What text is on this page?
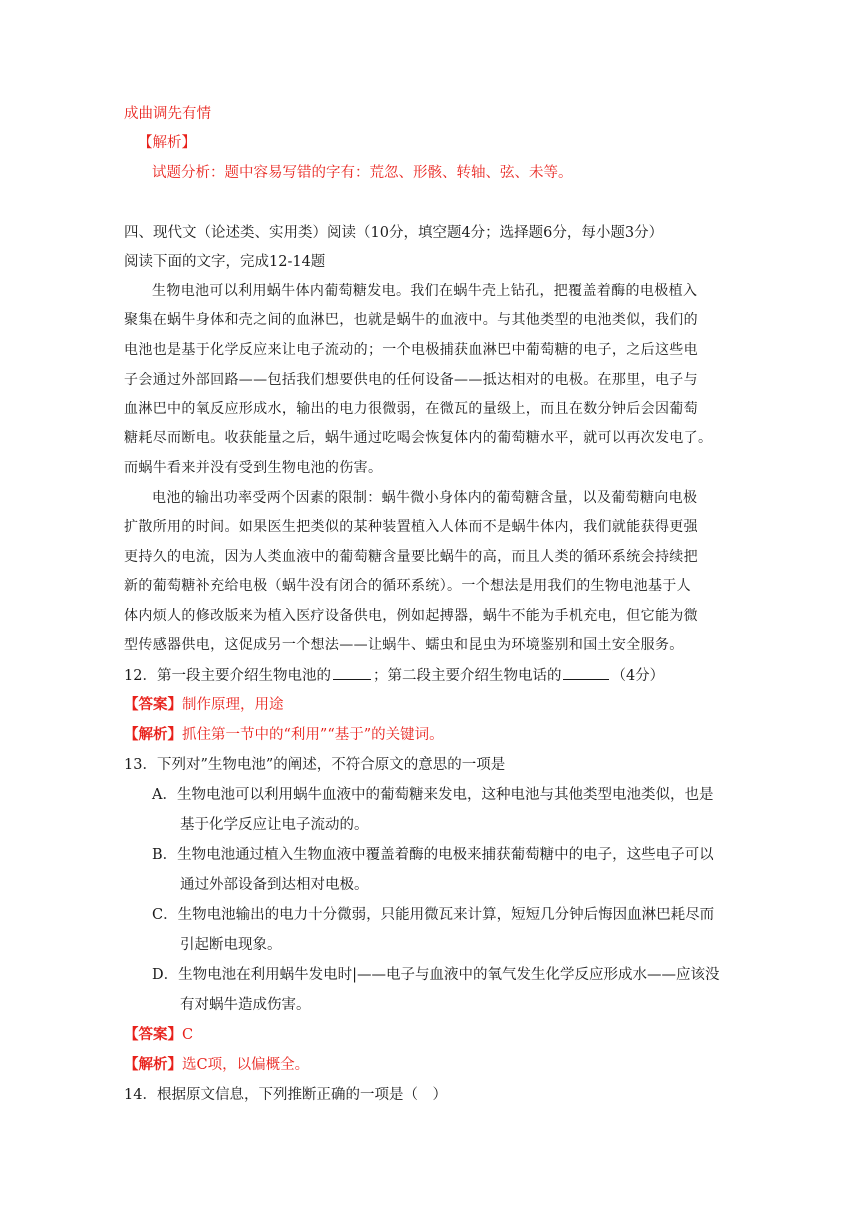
成曲调先有情
【解析】
试题分析：题中容易写错的字有：荒忽、形骸、转轴、弦、未等。
四、现代文（论述类、实用类）阅读（10分，填空题4分；选择题6分，每小题3分）
阅读下面的文字，完成12-14题
生物电池可以利用蜗牛体内葡萄糖发电。我们在蜗牛壳上钻孔，把覆盖着酶的电极植入
聚集在蜗牛身体和壳之间的血淋巴，也就是蜗牛的血液中。与其他类型的电池类似，我们的
电池也是基于化学反应来让电子流动的；一个电极捕获血淋巴中葡萄糖的电子，之后这些电
子会通过外部回路——包括我们想要供电的任何设备——抵达相对的电极。在那里，电子与
血淋巴中的氧反应形成水，输出的电力很微弱，在微瓦的量级上，而且在数分钟后会因葡萄
糖耗尽而断电。收获能量之后，蜗牛通过吃喝会恢复体内的葡萄糖水平，就可以再次发电了。
而蜗牛看来并没有受到生物电池的伤害。
电池的输出功率受两个因素的限制：蜗牛微小身体内的葡萄糖含量，以及葡萄糖向电极
扩散所用的时间。如果医生把类似的某种装置植入人体而不是蜗牛体内，我们就能获得更强
更持久的电流，因为人类血液中的葡萄糖含量要比蜗牛的高，而且人类的循环系统会持续把
新的葡萄糖补充给电极（蜗牛没有闭合的循环系统）。一个想法是用我们的生物电池基于人
体内烦人的修改版来为植入医疗设备供电，例如起搏器，蜗牛不能为手机充电，但它能为微
型传感器供电，这促成另一个想法——让蜗牛、蠕虫和昆虫为环境鉴别和国土安全服务。
12．第一段主要介绍生物电池的	；第二段主要介绍生物电话的	（4分）
【答案】制作原理，用途
【解析】抓住第一节中的“利用”“基于”的关键词。
13．下列对”生物电池”的阐述，不符合原文的意思的一项是
A．生物电池可以利用蜗牛血液中的葡萄糖来发电，这种电池与其他类型电池类似，也是
基于化学反应让电子流动的。
B．生物电池通过植入生物血液中覆盖着酶的电极来捕获葡萄糖中的电子，这些电子可以
通过外部设备到达相对电极。
C．生物电池输出的电力十分微弱，只能用微瓦来计算，短短几分钟后悔因血淋巴耗尽而
引起断电现象。
D．生物电池在利用蜗牛发电时|——电子与血液中的氧气发生化学反应形成水——应该没
有对蜗牛造成伤害。
【答案】C
【解析】选C项，以偏概全。
14．根据原文信息，下列推断正确的一项是（　）
